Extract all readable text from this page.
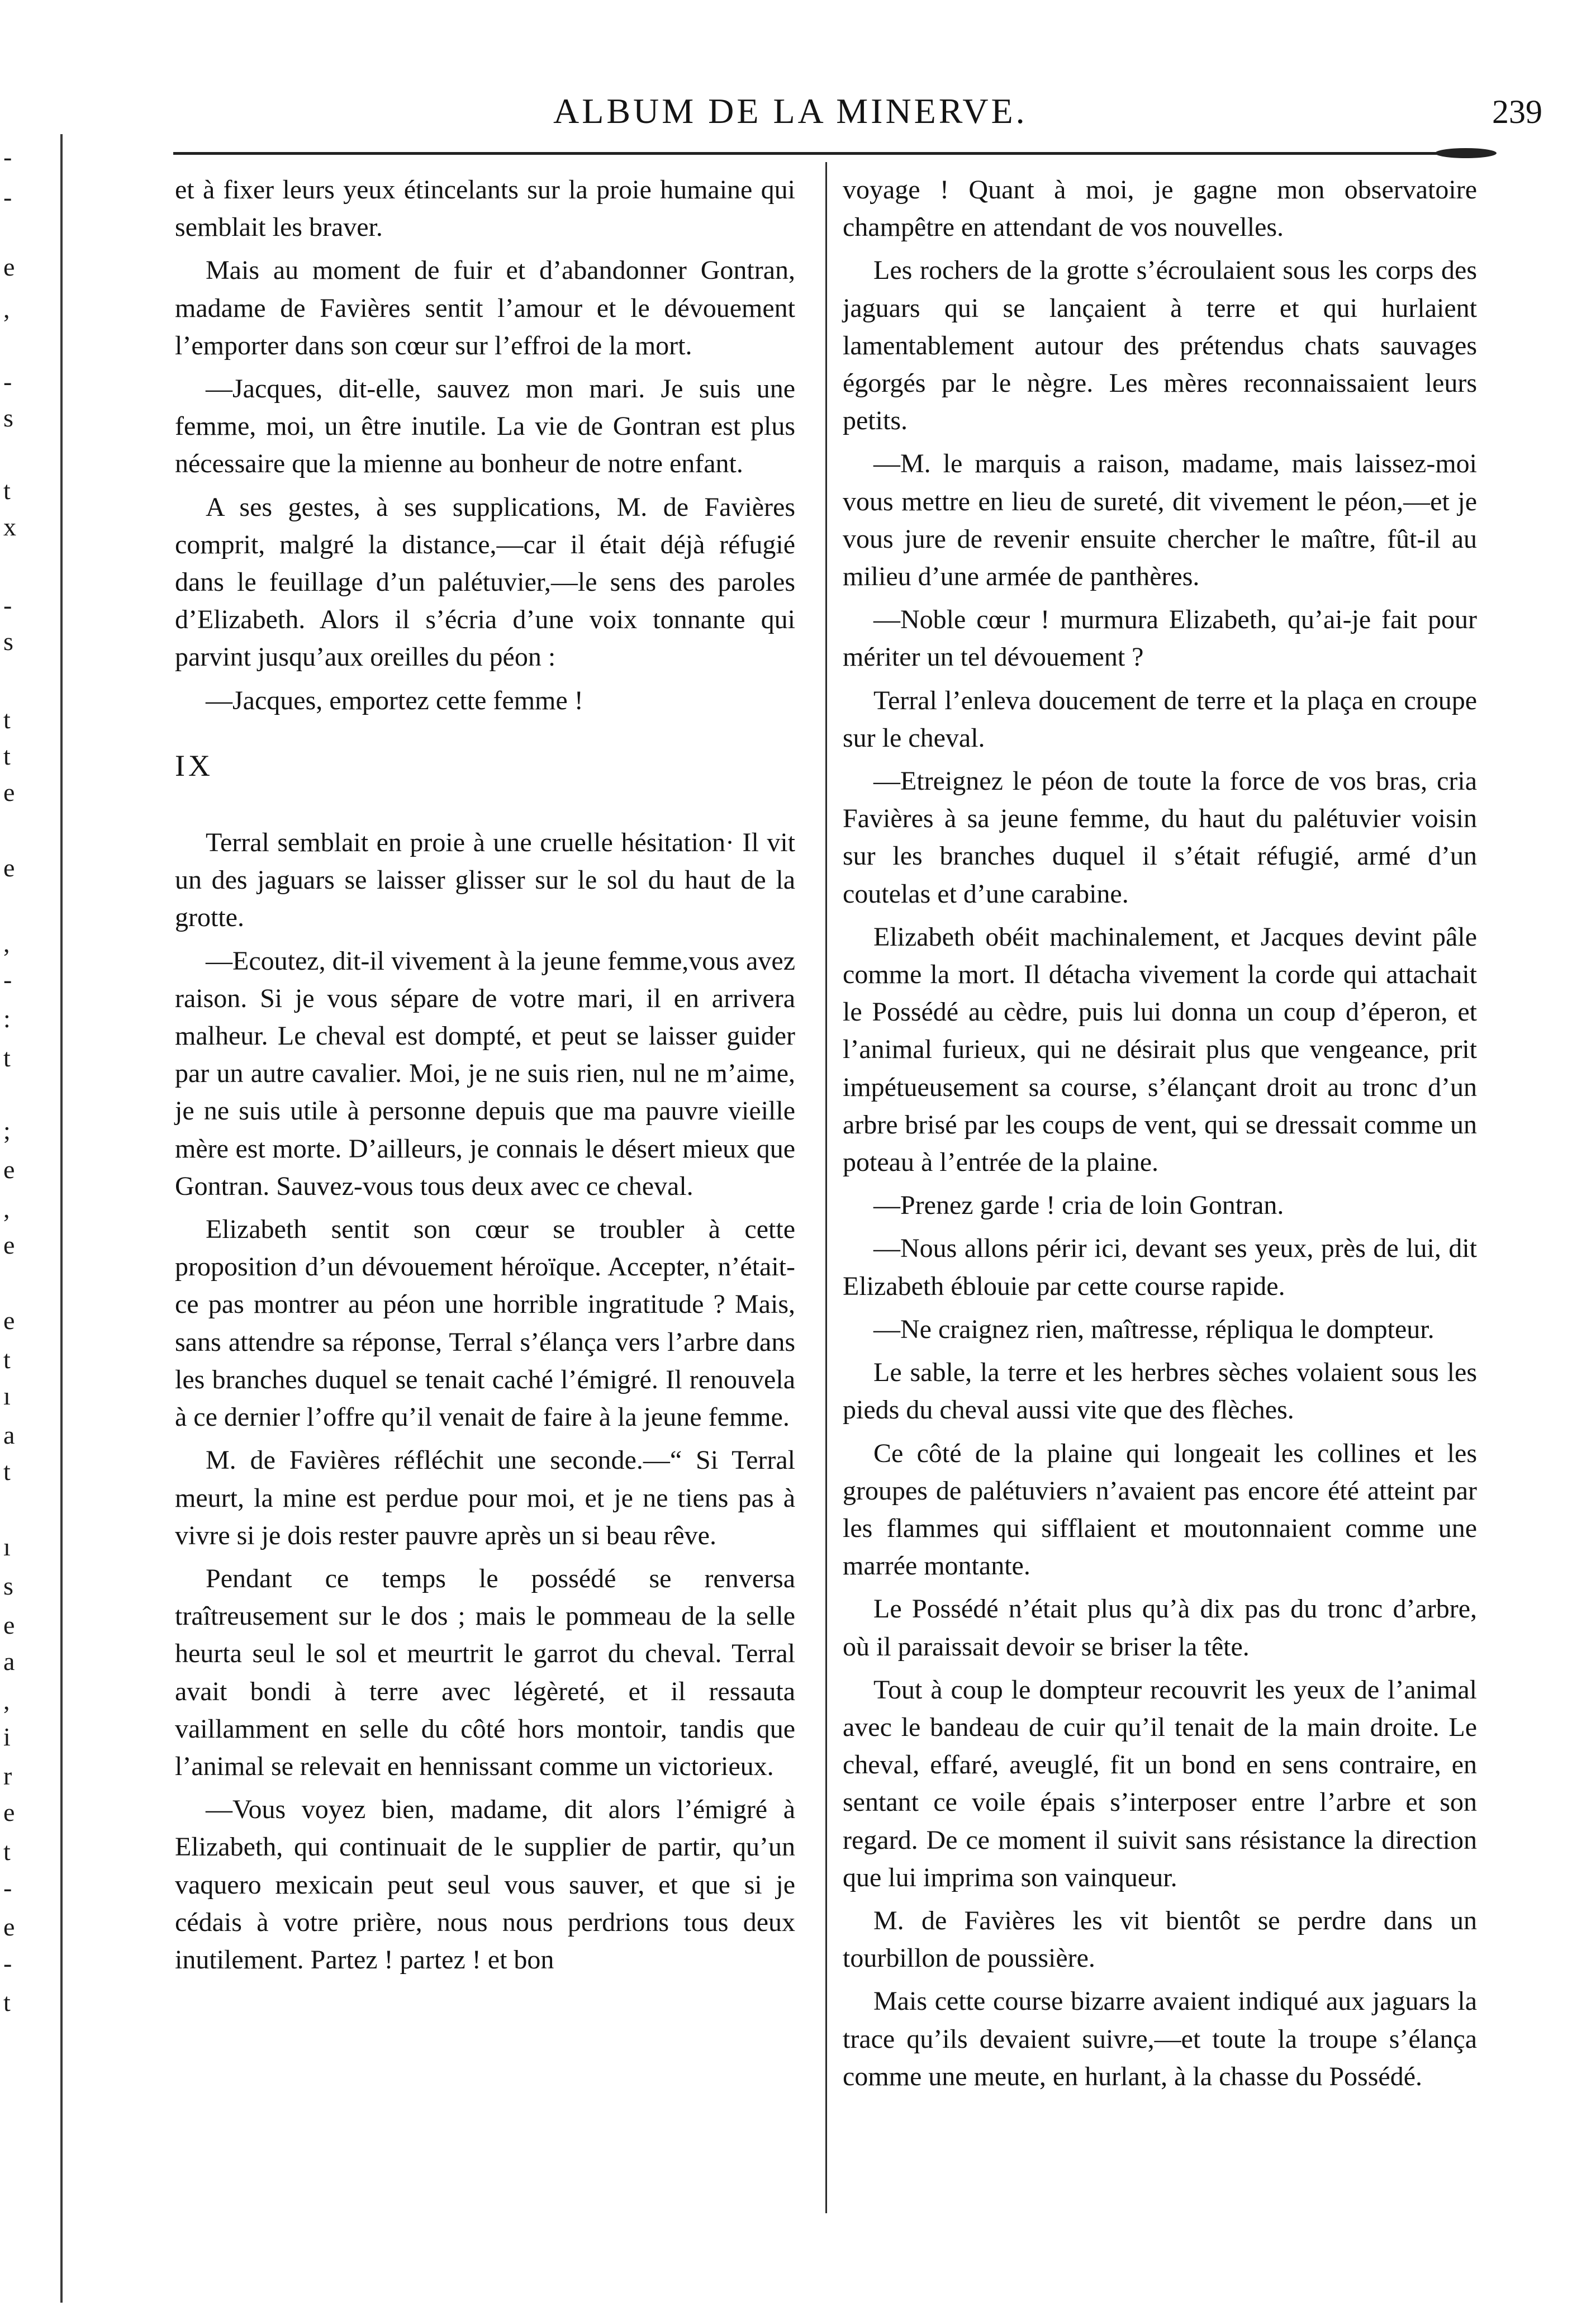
-
-
e
,
-
s
t
x
-
s
t
t
e
e
,
-
:
t
;
e
,
e
e
t
ı
a
t
ı
s
e
a
,
i
r
e
t
-
e
-
t
ALBUM DE LA MINERVE.	239

et à fixer leurs yeux étincelants sur la proie humaine qui semblait les braver.

Mais au moment de fuir et d’abandonner Gontran, madame de Favières sentit l’amour et le dévouement l’emporter dans son cœur sur l’effroi de la mort.

—Jacques, dit-elle, sauvez mon mari. Je suis une femme, moi, un être inutile. La vie de Gontran est plus nécessaire que la mienne au bonheur de notre enfant.

A ses gestes, à ses supplications, M. de Favières comprit, malgré la distance,—car il était déjà réfugié dans le feuillage d’un palétuvier,—le sens des paroles d’Elizabeth. Alors il s’écria d’une voix tonnante qui parvint jusqu’aux oreilles du péon :

—Jacques, emportez cette femme !

IX

Terral semblait en proie à une cruelle hésitation· Il vit un des jaguars se laisser glisser sur le sol du haut de la grotte.

—Ecoutez, dit-il vivement à la jeune femme,vous avez raison. Si je vous sépare de votre mari, il en arrivera malheur. Le cheval est dompté, et peut se laisser guider par un autre cavalier. Moi, je ne suis rien, nul ne m’aime, je ne suis utile à personne depuis que ma pauvre vieille mère est morte. D’ailleurs, je connais le désert mieux que Gontran. Sauvez-vous tous deux avec ce cheval.

Elizabeth sentit son cœur se troubler à cette proposition d’un dévouement héroïque. Accepter, n’était-ce pas montrer au péon une horrible ingratitude ? Mais, sans attendre sa réponse, Terral s’élança vers l’arbre dans les branches duquel se tenait caché l’émigré. Il renouvela à ce dernier l’offre qu’il venait de faire à la jeune femme.

M. de Favières réfléchit une seconde.—“ Si Terral meurt, la mine est perdue pour moi, et je ne tiens pas à vivre si je dois rester pauvre après un si beau rêve.

Pendant ce temps le possédé se renversa traîtreusement sur le dos ; mais le pommeau de la selle heurta seul le sol et meurtrit le garrot du cheval. Terral avait bondi à terre avec légèreté, et il ressauta vaillamment en selle du côté hors montoir, tandis que l’animal se relevait en hennissant comme un victorieux.

—Vous voyez bien, madame, dit alors l’émigré à Elizabeth, qui continuait de le supplier de partir, qu’un vaquero mexicain peut seul vous sauver, et que si je cédais à votre prière, nous nous perdrions tous deux inutilement. Partez ! partez ! et bon

voyage ! Quant à moi, je gagne mon observatoire champêtre en attendant de vos nouvelles.

Les rochers de la grotte s’écroulaient sous les corps des jaguars qui se lançaient à terre et qui hurlaient lamentablement autour des prétendus chats sauvages égorgés par le nègre. Les mères reconnaissaient leurs petits.

—M. le marquis a raison, madame, mais laissez-moi vous mettre en lieu de sureté, dit vivement le péon,—et je vous jure de revenir ensuite chercher le maître, fût-il au milieu d’une armée de panthères.

—Noble cœur ! murmura Elizabeth, qu’ai-je fait pour mériter un tel dévouement ?

Terral l’enleva doucement de terre et la plaça en croupe sur le cheval.

—Etreignez le péon de toute la force de vos bras, cria Favières à sa jeune femme, du haut du palétuvier voisin sur les branches duquel il s’était réfugié, armé d’un coutelas et d’une carabine.

Elizabeth obéit machinalement, et Jacques devint pâle comme la mort. Il détacha vivement la corde qui attachait le Possédé au cèdre, puis lui donna un coup d’éperon, et l’animal furieux, qui ne désirait plus que vengeance, prit impétueusement sa course, s’élançant droit au tronc d’un arbre brisé par les coups de vent, qui se dressait comme un poteau à l’entrée de la plaine.

—Prenez garde ! cria de loin Gontran.

—Nous allons périr ici, devant ses yeux, près de lui, dit Elizabeth éblouie par cette course rapide.

—Ne craignez rien, maîtresse, répliqua le dompteur.

Le sable, la terre et les herbres sèches volaient sous les pieds du cheval aussi vite que des flèches.

Ce côté de la plaine qui longeait les collines et les groupes de palétuviers n’avaient pas encore été atteint par les flammes qui sifflaient et moutonnaient comme une marrée montante.

Le Possédé n’était plus qu’à dix pas du tronc d’arbre, où il paraissait devoir se briser la tête.

Tout à coup le dompteur recouvrit les yeux de l’animal avec le bandeau de cuir qu’il tenait de la main droite. Le cheval, effaré, aveuglé, fit un bond en sens contraire, en sentant ce voile épais s’interposer entre l’arbre et son regard. De ce moment il suivit sans résistance la direction que lui imprima son vainqueur.

M. de Favières les vit bientôt se perdre dans un tourbillon de poussière.

Mais cette course bizarre avaient indiqué aux jaguars la trace qu’ils devaient suivre,—et toute la troupe s’élança comme une meute, en hurlant, à la chasse du Possédé.
